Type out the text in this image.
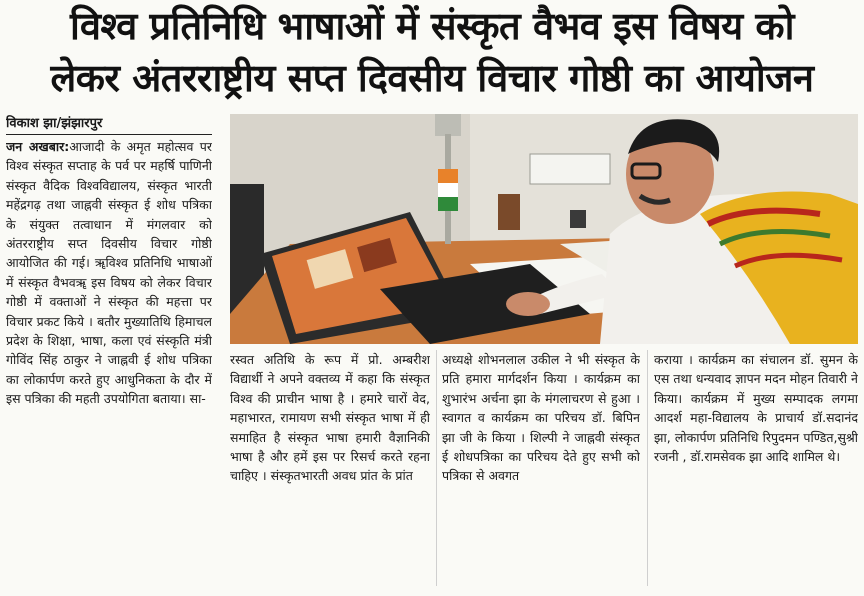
विश्व प्रतिनिधि भाषाओं में संस्कृत वैभव इस विषय को
लेकर अंतरराष्ट्रीय सप्त दिवसीय विचार गोष्ठी का आयोजन
विकाश झा/झंझारपुर
जन अखबार:आजादी के अमृत महोत्सव पर विश्व संस्कृत सप्ताह के पर्व पर महर्षि पाणिनी संस्कृत वैदिक विश्वविद्यालय, संस्कृत भारती महेंद्रगढ़ तथा जाह्नवी संस्कृत ई शोध पत्रिका के संयुक्त तत्वाधान में मंगलवार को अंतरराष्ट्रीय सप्त दिवसीय विचार गोष्ठी आयोजित की गई। ॠविश्व प्रतिनिधि भाषाओं में संस्कृत वैभवॠ इस विषय को लेकर विचार गोष्ठी में वक्ताओं ने संस्कृत की महत्ता पर विचार प्रकट किये । बतौर मुख्यातिथि हिमाचल प्रदेश के शिक्षा, भाषा, कला एवं संस्कृति मंत्री गोविंद सिंह ठाकुर ने जाह्नवी ई शोध पत्रिका का लोकार्पण करते हुए आधुनिकता के दौर में इस पत्रिका की महती उपयोगिता बताया। सा-
रस्वत अतिथि के रूप में प्रो. अम्बरीश विद्यार्थी ने अपने वक्तव्य में कहा कि संस्कृत विश्व की प्राचीन भाषा है । हमारे चारों वेद, महाभारत, रामायण सभी संस्कृत भाषा में ही समाहित है संस्कृत भाषा हमारी वैज्ञानिकी भाषा है और हमें इस पर रिसर्च करते रहना चाहिए । संस्कृतभारती अवध प्रांत के प्रांत
अध्यक्षे शोभनलाल उकील ने भी संस्कृत के प्रति हमारा मार्गदर्शन किया । कार्यक्रम का शुभारंभ अर्चना झा के मंगलाचरण से हुआ । स्वागत व कार्यक्रम का परिचय डॉ. बिपिन झा जी के किया । शिल्पी ने जाह्नवी संस्कृत ई शोधपत्रिका का परिचय देते हुए सभी को पत्रिका से अवगत
कराया । कार्यक्रम का संचालन डॉ. सुमन के एस तथा धन्यवाद ज्ञापन मदन मोहन तिवारी ने किया। कार्यक्रम में मुख्य सम्पादक लगमा आदर्श महा-विद्यालय के प्राचार्य डॉ.सदानंद झा, लोकार्पण प्रतिनिधि रिपुदमन पण्डित,सुश्री रजनी , डॉ.रामसेवक झा आदि शामिल थे।
